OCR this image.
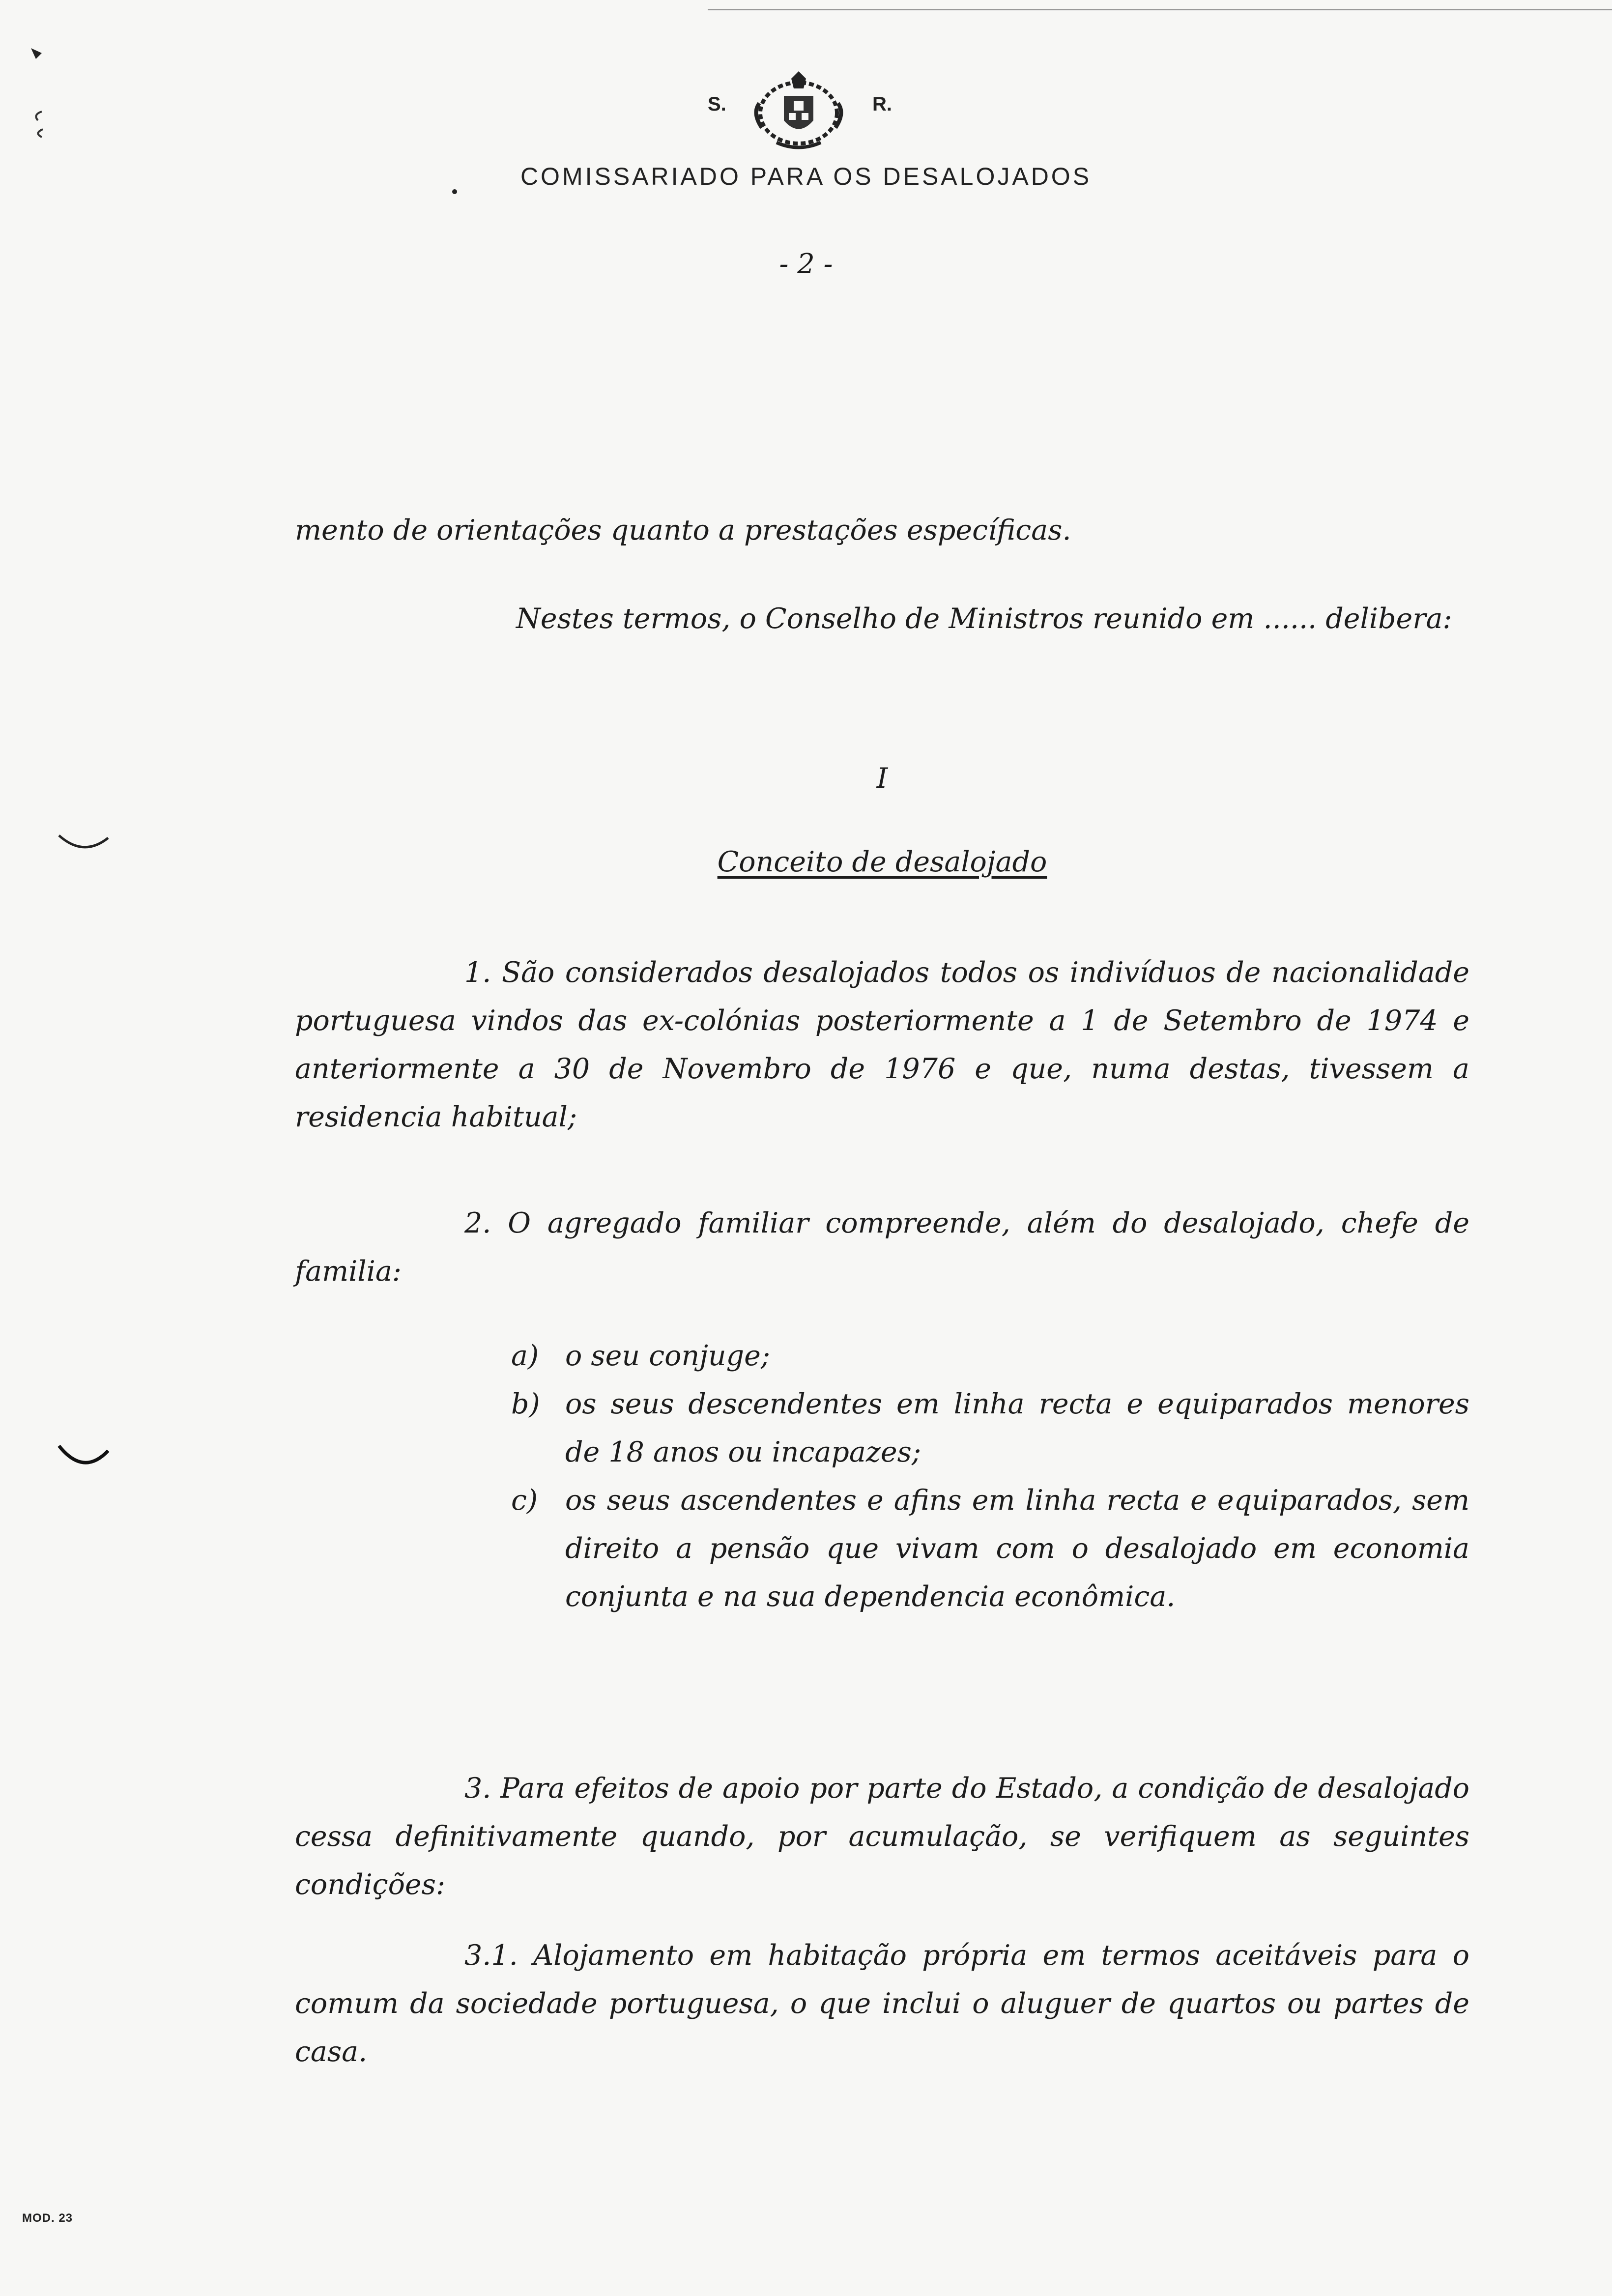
S.	R.
COMISSARIADO PARA OS DESALOJADOS
- 2 -
mento de orientações quanto a prestações específicas.
Nestes termos, o Conselho de Ministros reunido em ...... delibera:
I
Conceito de desalojado
1. São considerados desalojados todos os indivíduos de nacionalidade portuguesa vindos das ex-colónias posteriormente a 1 de Setembro de 1974 e anteriormente a 30 de Novembro de 1976 e que, numa destas, tivessem a residencia habitual;
2. O agregado familiar compreende, além do desalojado, chefe de familia:
a) o seu conjuge;
b) os seus descendentes em linha recta e equiparados menores de 18 anos ou incapazes;
c) os seus ascendentes e afins em linha recta e equiparados, sem direito a pensão que vivam com o desalojado em economia conjunta e na sua dependencia econômica.
3. Para efeitos de apoio por parte do Estado, a condição de desalojado cessa definitivamente quando, por acumulação, se verifiquem as seguintes condições:
3.1. Alojamento em habitação própria em termos aceitáveis para o comum da sociedade portuguesa, o que inclui o aluguer de quartos ou partes de casa.
MOD. 23
